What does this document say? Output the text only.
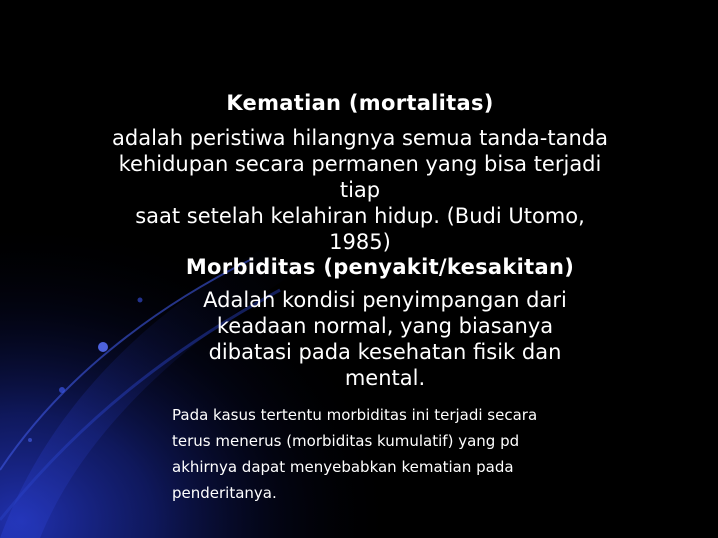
Kematian (mortalitas)
adalah peristiwa hilangnya semua tanda-tanda
kehidupan secara permanen yang bisa terjadi
tiap
saat setelah kelahiran hidup. (Budi Utomo,
1985)
Morbiditas (penyakit/kesakitan)
Adalah kondisi penyimpangan dari
keadaan normal, yang biasanya
dibatasi pada kesehatan fisik dan
mental.
Pada kasus tertentu morbiditas ini terjadi secara
terus menerus (morbiditas kumulatif) yang pd
akhirnya dapat menyebabkan kematian pada
penderitanya.
